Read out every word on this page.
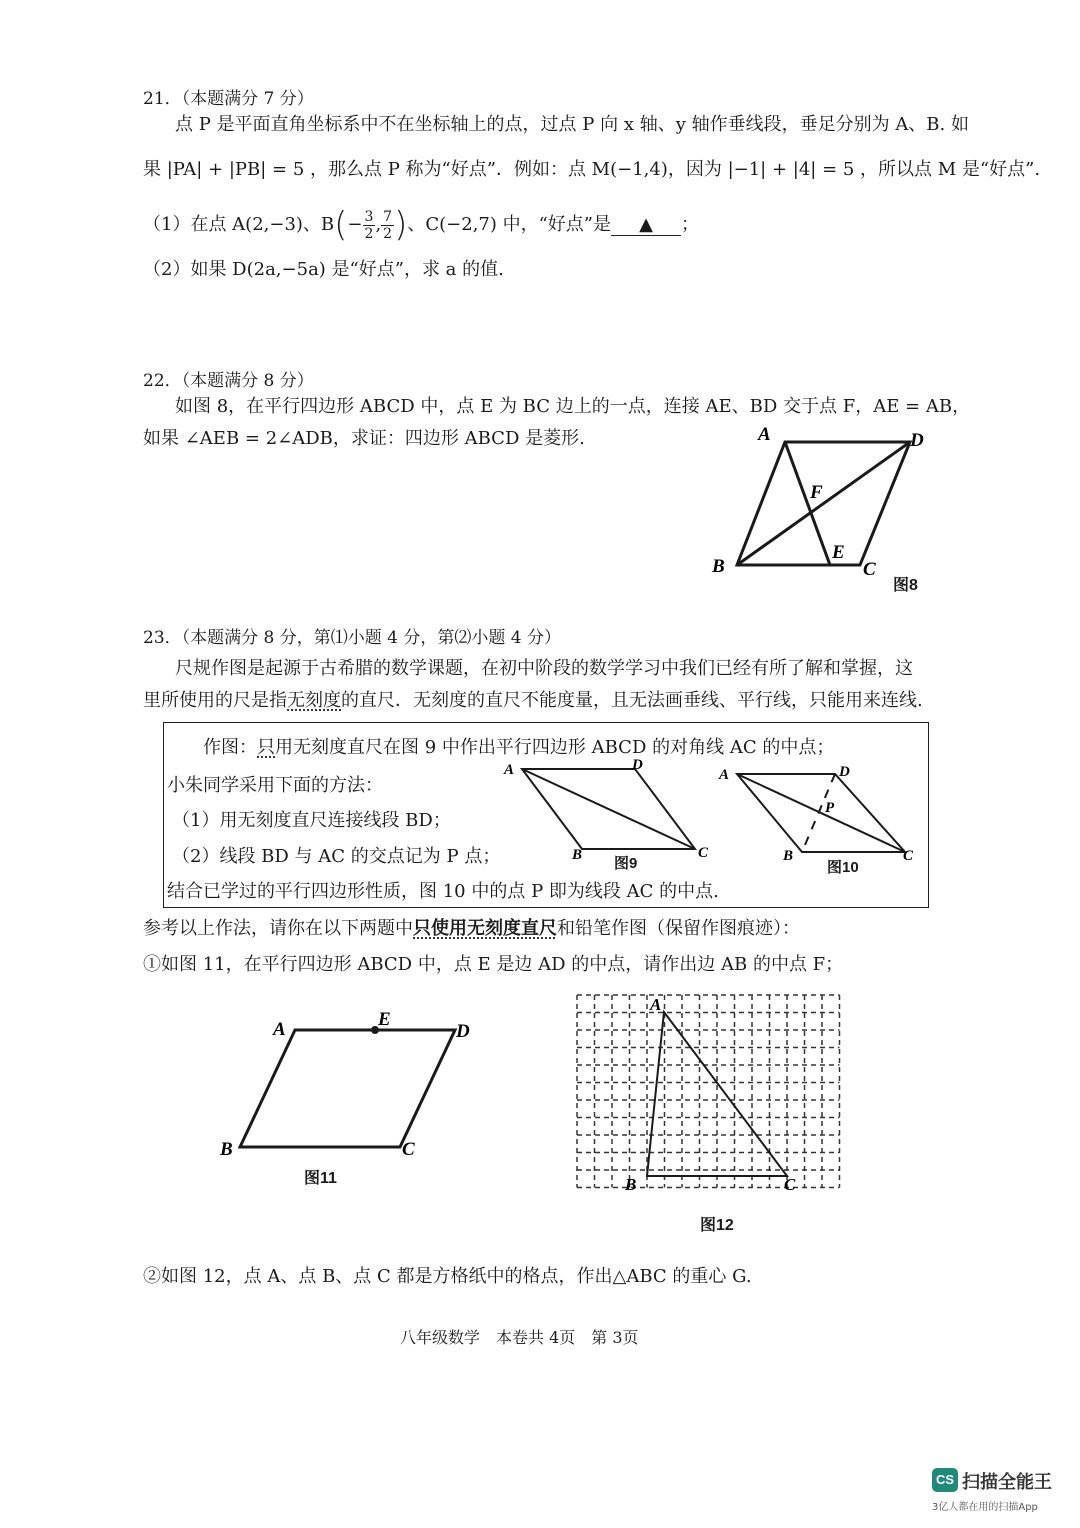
21．（本题满分 7 分）
点 P 是平面直角坐标系中不在坐标轴上的点，过点 P 向 x 轴、y 轴作垂线段，垂足分别为 A、B. 如
果 |PA| + |PB| = 5 ，那么点 P 称为“好点”．例如：点 M(−1,4)，因为 |−1| + |4| = 5 ，所以点 M 是“好点”.
（1）在点 A(2,−3)、$B(- \frac{3}{2}$ , $\frac{7}{2}$ )、C(−2,7) 中，“好点”是 ▲ ；
（2）如果 D(2a,−5a) 是“好点”，求 a 的值.
22．（本题满分 8 分）
如图 8，在平行四边形 ABCD 中，点 E 为 BC 边上的一点，连接 AE、BD 交于点 F，AE = AB，
如果 ∠AEB = 2∠ADB，求证：四边形 ABCD 是菱形.	A	D
F
E
B	C
图8
23．（本题满分 8 分，第⑴小题 4 分，第⑵小题 4 分）
尺规作图是起源于古希腊的数学课题，在初中阶段的数学学习中我们已经有所了解和掌握，这
里所使用的尺是指无刻度的直尺．无刻度的直尺不能度量，且无法画垂线、平行线，只能用来连线.
作图：只用无刻度直尺在图 9 中作出平行四边形 ABCD 的对角线 AC 的中点；
小朱同学采用下面的方法：
（1）用无刻度直尺连接线段 BD；
（2）线段 BD 与 AC 的交点记为 P 点；
结合已学过的平行四边形性质，图 10 中的点 P 即为线段 AC 的中点.
A	D
B	C
图9
A	D
P
B	C
图10
参考以上作法，请你在以下两题中只使用无刻度直尺和铅笔作图（保留作图痕迹）：
①如图 11，在平行四边形 ABCD 中，点 E 是边 AD 的中点，请作出边 AB 的中点 F；
A	E
D
B	C
图11
A
B	C
图12
②如图 12，点 A、点 B、点 C 都是方格纸中的格点，作出△ABC 的重心 G.
八年级数学　本卷共 4页　第 3页
CS 扫描全能王
3亿人都在用的扫描App
